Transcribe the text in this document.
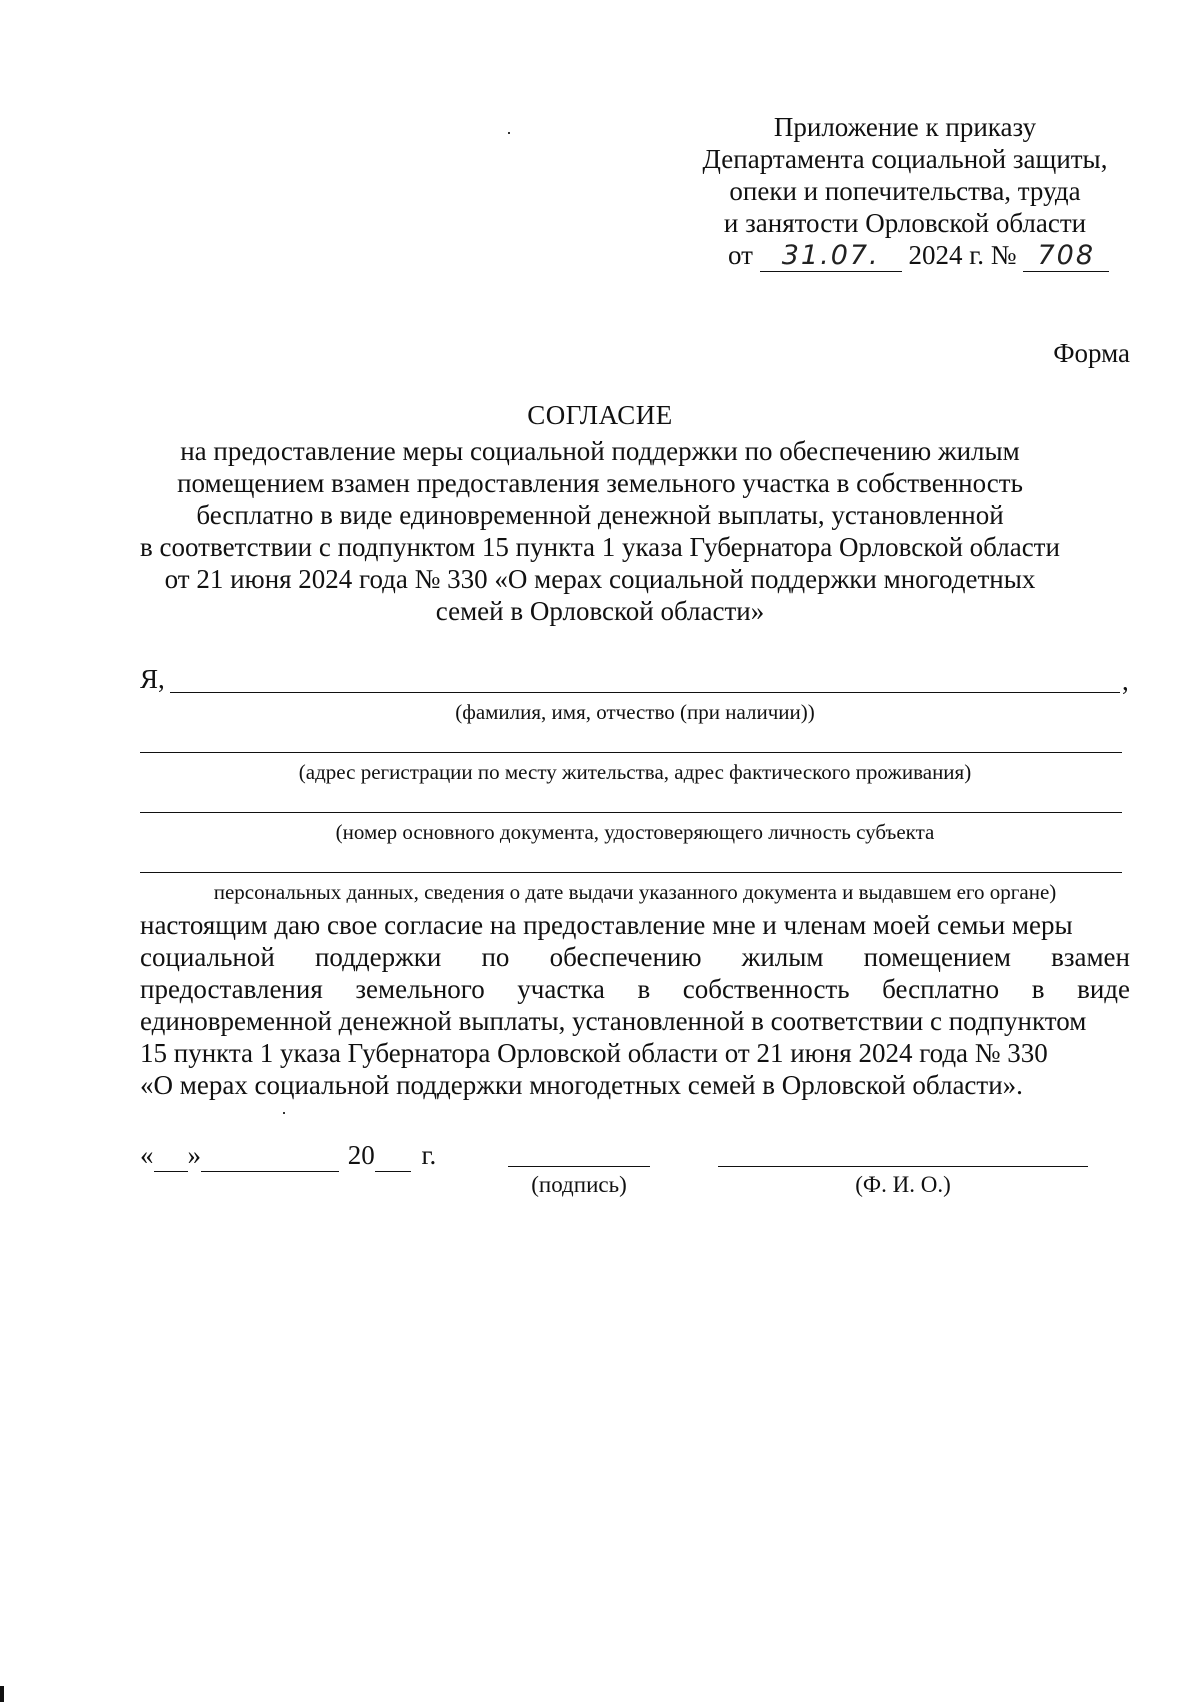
Приложение к приказу
Департамента социальной защиты,
опеки и попечительства, труда
и занятости Орловской области
от 31.07. 2024 г. № 708
Форма
СОГЛАСИЕ
на предоставление меры социальной поддержки по обеспечению жилым
помещением взамен предоставления земельного участка в собственность
бесплатно в виде единовременной денежной выплаты, установленной
в соответствии с подпунктом 15 пункта 1 указа Губернатора Орловской области
от 21 июня 2024 года № 330 «О мерах социальной поддержки многодетных
семей в Орловской области»
Я,	,
(фамилия, имя, отчество (при наличии))
(адрес регистрации по месту жительства, адрес фактического проживания)
(номер основного документа, удостоверяющего личность субъекта
персональных данных, сведения о дате выдачи указанного документа и выдавшем его органе)
настоящим даю свое согласие на предоставление мне и членам моей семьи меры
социальной поддержки по обеспечению жилым помещением взамен
предоставления земельного участка в собственность бесплатно в виде
единовременной денежной выплаты, установленной в соответствии с подпунктом
15 пункта 1 указа Губернатора Орловской области от 21 июня 2024 года № 330
«О мерах социальной поддержки многодетных семей в Орловской области».
« »	20 г.
(подпись)	(Ф. И. О.)
